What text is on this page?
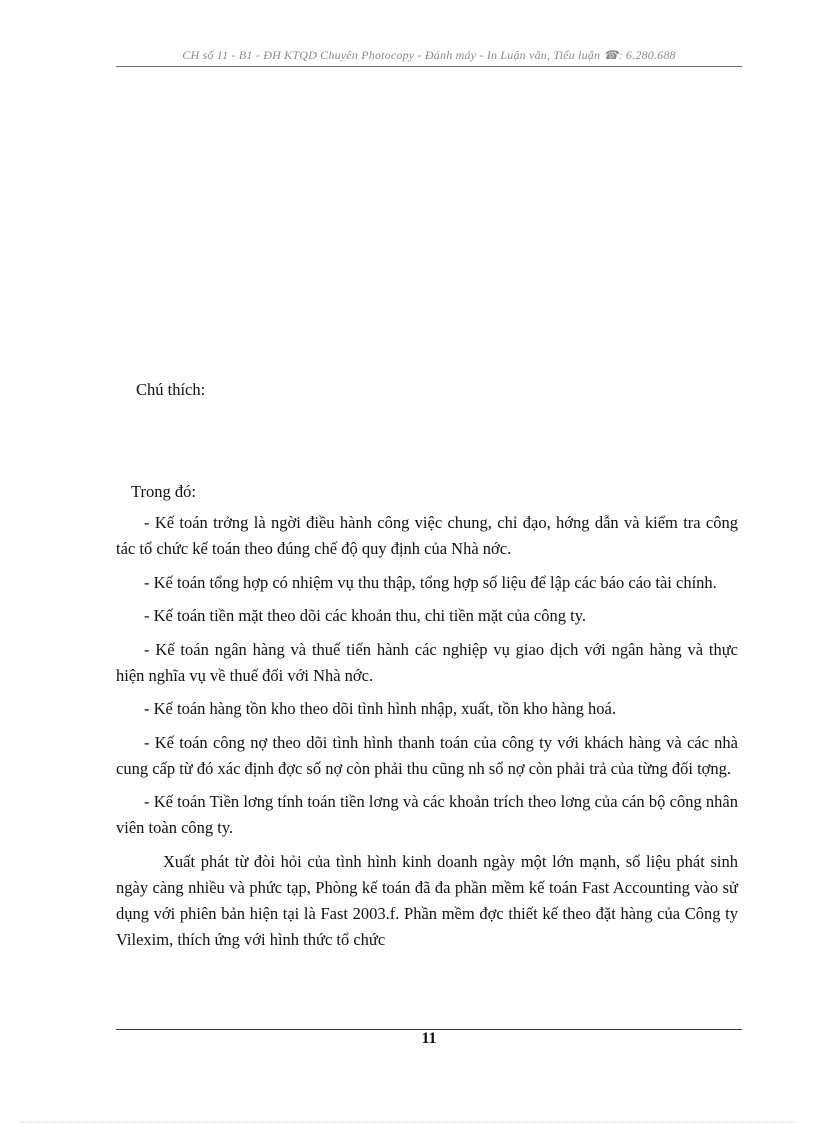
CH số 11 - B1 - ĐH KTQD Chuyên Photocopy - Đánh máy - In Luận văn, Tiểu luận ☎: 6.280.688
Chú thích:
Trong đó:

- Kế toán trởng là ngời điều hành công việc chung, chỉ đạo, hớng dẫn và kiểm tra công tác tổ chức kế toán theo đúng chế độ quy định của Nhà nớc.

- Kế toán tổng hợp có nhiệm vụ thu thập, tổng hợp số liệu để lập các báo cáo tài chính.

- Kế toán tiền mặt theo dõi các khoản thu, chi tiền mặt của công ty.

- Kế toán ngân hàng và thuế tiến hành các nghiệp vụ giao dịch với ngân hàng và thực hiện nghĩa vụ về thuế đối với Nhà nớc.

- Kế toán hàng tồn kho theo dõi tình hình nhập, xuất, tồn kho hàng hoá.

- Kế toán công nợ theo dõi tình hình thanh toán của công ty với khách hàng và các nhà cung cấp từ đó xác định đợc số nợ còn phải thu cũng nh số nợ còn phải trả của từng đối tợng.

- Kế toán Tiền lơng tính toán tiền lơng và các khoản trích theo lơng của cán bộ công nhân viên toàn công ty.

Xuất phát từ đòi hỏi của tình hình kinh doanh ngày một lớn mạnh, số liệu phát sinh ngày càng nhiều và phức tạp, Phòng kế toán đã đa phần mềm kế toán Fast Accounting vào sử dụng với phiên bản hiện tại là Fast 2003.f. Phần mềm đợc thiết kế theo đặt hàng của Công ty Vilexim, thích ứng với hình thức tổ chức

11
